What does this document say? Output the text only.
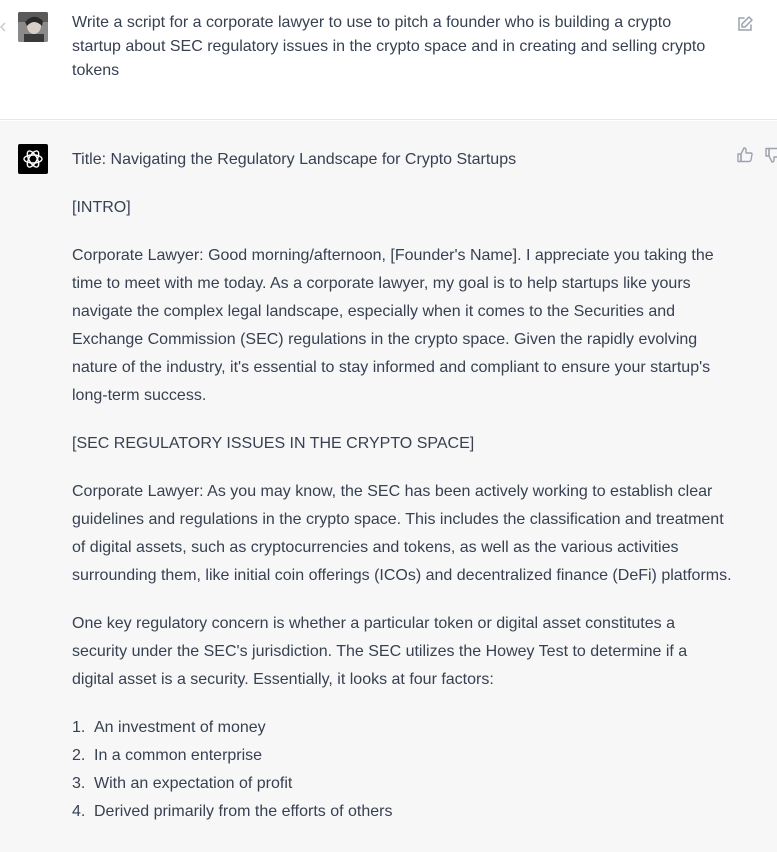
Write a script for a corporate lawyer to use to pitch a founder who is building a crypto startup about SEC regulatory issues in the crypto space and in creating and selling crypto tokens

Title: Navigating the Regulatory Landscape for Crypto Startups

[INTRO]

Corporate Lawyer: Good morning/afternoon, [Founder's Name]. I appreciate you taking the time to meet with me today. As a corporate lawyer, my goal is to help startups like yours navigate the complex legal landscape, especially when it comes to the Securities and Exchange Commission (SEC) regulations in the crypto space. Given the rapidly evolving nature of the industry, it's essential to stay informed and compliant to ensure your startup's long-term success.

[SEC REGULATORY ISSUES IN THE CRYPTO SPACE]

Corporate Lawyer: As you may know, the SEC has been actively working to establish clear guidelines and regulations in the crypto space. This includes the classification and treatment of digital assets, such as cryptocurrencies and tokens, as well as the various activities surrounding them, like initial coin offerings (ICOs) and decentralized finance (DeFi) platforms.

One key regulatory concern is whether a particular token or digital asset constitutes a security under the SEC's jurisdiction. The SEC utilizes the Howey Test to determine if a digital asset is a security. Essentially, it looks at four factors:

1. An investment of money
2. In a common enterprise
3. With an expectation of profit
4. Derived primarily from the efforts of others
